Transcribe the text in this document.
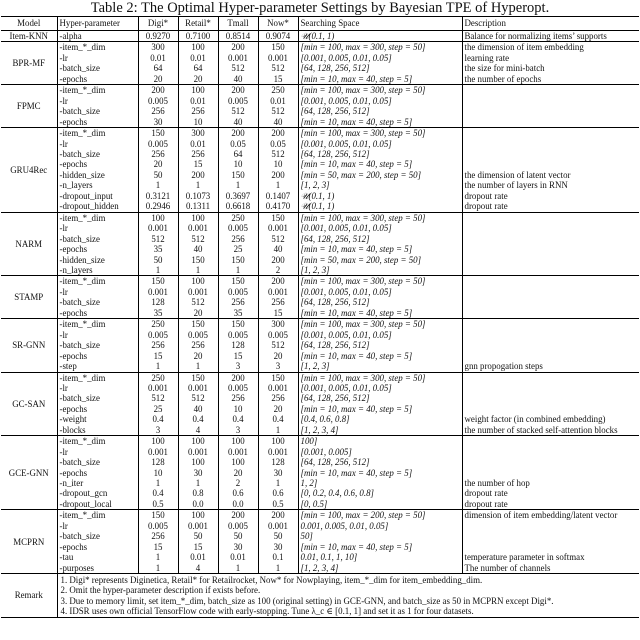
Table 2: The Optimal Hyper-parameter Settings by Bayesian TPE of Hyperopt.
Model	Hyper-parameter	Digi*	Retail*	Tmall	Now*	Searching Space	Description
Item-KNN	-alpha	0.9270	0.7100	0.8514	0.9074	𝒰(0.1, 1)	Balance for normalizing items’ supports
BPR-MF	-item_*_dim	300	100	200	150	[min = 100, max = 300, step = 50]	the dimension of item embedding
	-lr	0.01	0.01	0.001	0.001	[0.001, 0.005, 0.01, 0.05]	learning rate
	-batch_size	64	64	512	512	[64, 128, 256, 512]	the size for mini-batch
	-epochs	20	20	40	15	[min = 10, max = 40, step = 5]	the number of epochs
FPMC	-item_*_dim	200	100	200	250	[min = 100, max = 300, step = 50]	
	-lr	0.005	0.01	0.005	0.01	[0.001, 0.005, 0.01, 0.05]	
	-batch_size	256	256	512	512	[64, 128, 256, 512]	
	-epochs	30	10	40	40	[min = 10, max = 40, step = 5]	
GRU4Rec	-item_*_dim	150	300	200	200	[min = 100, max = 300, step = 50]	
	-lr	0.005	0.01	0.05	0.05	[0.001, 0.005, 0.01, 0.05]	
	-batch_size	256	256	64	512	[64, 128, 256, 512]	
	-epochs	20	15	10	10	[min = 10, max = 40, step = 5]	
	-hidden_size	50	200	150	200	[min = 50, max = 200, step = 50]	the dimension of latent vector
	-n_layers	1	1	1	1	[1, 2, 3]	the number of layers in RNN
	-dropout_input	0.3121	0.1073	0.3697	0.1407	𝒰(0.1, 1)	dropout rate
	-dropout_hidden	0.2946	0.1311	0.6618	0.4170	𝒰(0.1, 1)	dropout rate
NARM	-item_*_dim	100	100	250	150	[min = 100, max = 300, step = 50]	
	-lr	0.001	0.001	0.005	0.001	[0.001, 0.005, 0.01, 0.05]	
	-batch_size	512	512	256	512	[64, 128, 256, 512]	
	-epochs	35	40	25	40	[min = 10, max = 40, step = 5]	
	-hidden_size	50	150	150	200	[min = 50, max = 200, step = 50]	
	-n_layers	1	1	1	2	[1, 2, 3]	
STAMP	-item_*_dim	150	100	150	200	[min = 100, max = 300, step = 50]	
	-lr	0.001	0.001	0.005	0.001	[0.001, 0.005, 0.01, 0.05]	
	-batch_size	128	512	256	256	[64, 128, 256, 512]	
	-epochs	35	20	35	15	[min = 10, max = 40, step = 5]	
SR-GNN	-item_*_dim	250	150	150	300	[min = 100, max = 300, step = 50]	
	-lr	0.005	0.005	0.005	0.005	[0.001, 0.005, 0.01, 0.05]	
	-batch_size	256	256	128	512	[64, 128, 256, 512]	
	-epochs	15	20	15	20	[min = 10, max = 40, step = 5]	
	-step	1	1	3	3	[1, 2, 3]	gnn propogation steps
GC-SAN	-item_*_dim	250	150	200	150	[min = 100, max = 300, step = 50]	
	-lr	0.001	0.001	0.005	0.001	[0.001, 0.005, 0.01, 0.05]	
	-batch_size	512	512	256	256	[64, 128, 256, 512]	
	-epochs	25	40	10	20	[min = 10, max = 40, step = 5]	
	-weight	0.4	0.4	0.4	0.4	[0.4, 0.6, 0.8]	weight factor (in combined embedding)
	-blocks	3	4	3	1	[1, 2, 3, 4]	the number of stacked self-attention blocks
GCE-GNN	-item_*_dim	100	100	100	100	100]	
	-lr	0.001	0.001	0.001	0.001	[0.001, 0.005]	
	-batch_size	128	100	100	128	[64, 128, 256, 512]	
	-epochs	10	30	20	30	[min = 10, max = 40, step = 5]	
	-n_iter	1	1	2	1	1, 2]	the number of hop
	-dropout_gcn	0.4	0.8	0.6	0.6	[0, 0.2, 0.4, 0.6, 0.8]	dropout rate
	-dropout_local	0.5	0.0	0.0	0.5	[0, 0.5]	dropout rate
MCPRN	-item_*_dim	150	100	200	200	[min = 100, max = 200, step = 50]	dimension of item embedding/latent vector
	-lr	0.005	0.001	0.005	0.001	0.001, 0.005, 0.01, 0.05]	
	-batch_size	256	50	50	50	50]	
	-epochs	15	15	30	30	[min = 10, max = 40, step = 5]	
	-tau	1	0.01	0.01	0.1	0.01, 0.1, 1, 10]	temperature parameter in softmax
	-purposes	1	4	1	1	[1, 2, 3, 4]	The number of channels
Remark	1. Digi* represents Diginetica, Retail* for Retailrocket, Now* for Nowplaying, item_*_dim for item_embedding_dim.
2. Omit the hyper-parameter description if exists before.
3. Due to memory limit, set item_*_dim, batch_size as 100 (original setting) in GCE-GNN, and batch_size as 50 in MCPRN except Digi*.
4. IDSR uses own official TensorFlow code with early-stopping. Tune λ_c ∈ [0.1, 1] and set it as 1 for four datasets.						
